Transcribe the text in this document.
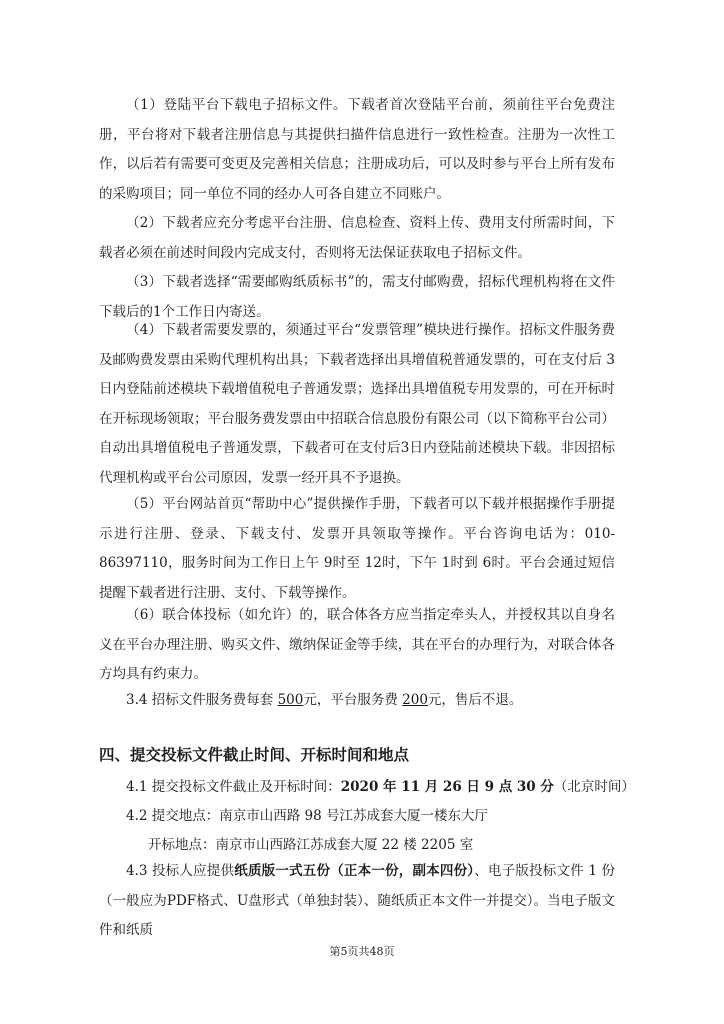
（1）登陆平台下载电子招标文件。下载者首次登陆平台前，须前往平台免费注册，平台将对下载者注册信息与其提供扫描件信息进行一致性检查。注册为一次性工作，以后若有需要可变更及完善相关信息；注册成功后，可以及时参与平台上所有发布的采购项目；同一单位不同的经办人可各自建立不同账户。

（2）下载者应充分考虑平台注册、信息检查、资料上传、费用支付所需时间，下载者必须在前述时间段内完成支付，否则将无法保证获取电子招标文件。

（3）下载者选择“需要邮购纸质标书”的，需支付邮购费，招标代理机构将在文件下载后的1个工作日内寄送。

（4）下载者需要发票的，须通过平台“发票管理”模块进行操作。招标文件服务费及邮购费发票由采购代理机构出具；下载者选择出具增值税普通发票的，可在支付后 3日内登陆前述模块下载增值税电子普通发票；选择出具增值税专用发票的，可在开标时在开标现场领取；平台服务费发票由中招联合信息股份有限公司（以下简称平台公司）自动出具增值税电子普通发票，下载者可在支付后3日内登陆前述模块下载。非因招标代理机构或平台公司原因，发票一经开具不予退换。

（5）平台网站首页“帮助中心”提供操作手册，下载者可以下载并根据操作手册提示进行注册、登录、下载支付、发票开具领取等操作。平台咨询电话为：010-86397110，服务时间为工作日上午 9时至 12时，下午 1时到 6时。平台会通过短信提醒下载者进行注册、支付、下载等操作。

（6）联合体投标（如允许）的，联合体各方应当指定牵头人，并授权其以自身名义在平台办理注册、购买文件、缴纳保证金等手续，其在平台的办理行为，对联合体各方均具有约束力。

3.4 招标文件服务费每套 500元，平台服务费 200元，售后不退。

四、提交投标文件截止时间、开标时间和地点

4.1 提交投标文件截止及开标时间：2020 年 11 月 26 日 9 点 30 分（北京时间）

4.2 提交地点：南京市山西路 98 号江苏成套大厦一楼东大厅

开标地点：南京市山西路江苏成套大厦 22 楼 2205 室

4.3 投标人应提供纸质版一式五份（正本一份，副本四份）、电子版投标文件 1 份（一般应为PDF格式、U盘形式（单独封装）、随纸质正本文件一并提交）。当电子版文件和纸质

第5页共48页
